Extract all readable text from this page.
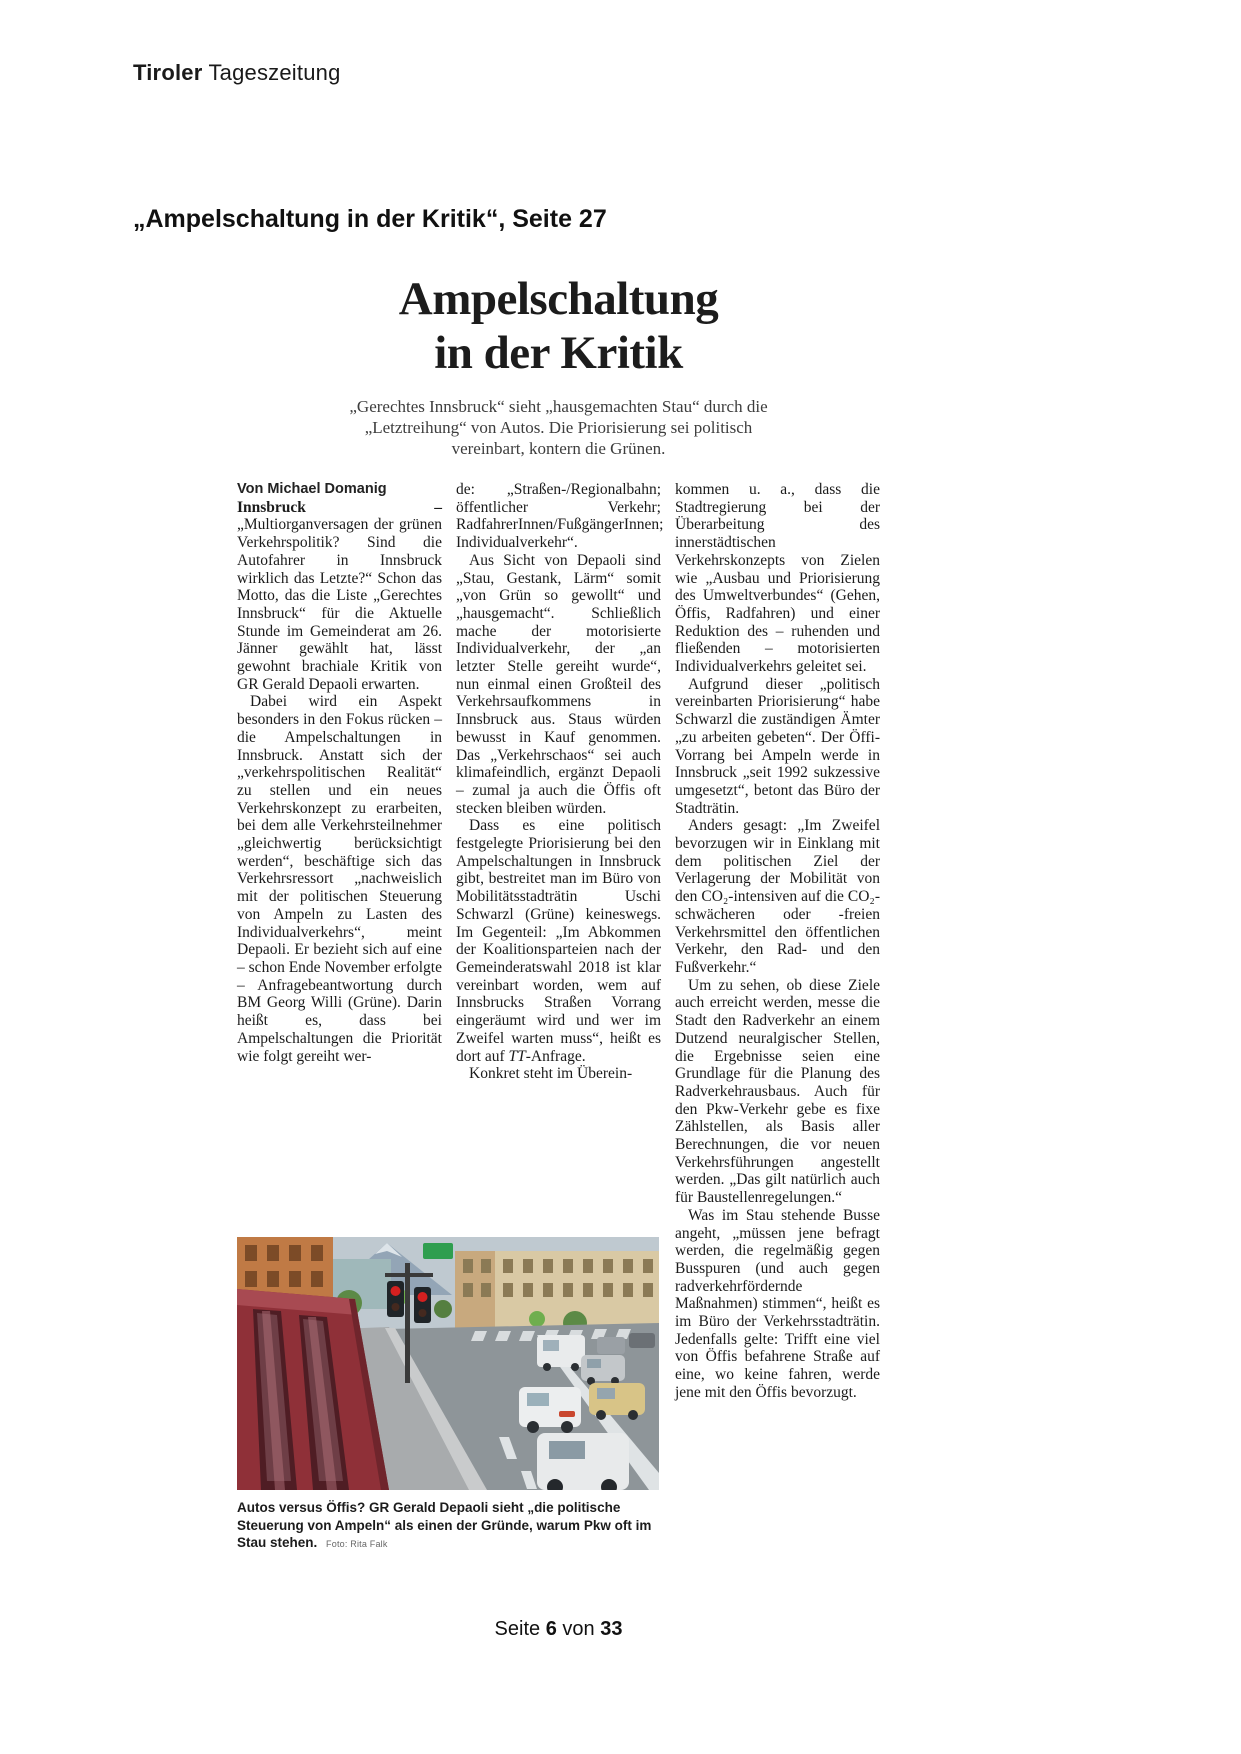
Tiroler Tageszeitung
„Ampelschaltung in der Kritik“, Seite 27
Ampelschaltung
in der Kritik
„Gerechtes Innsbruck“ sieht „hausgemachten Stau“ durch die „Letztreihung“ von Autos. Die Priorisierung sei politisch vereinbart, kontern die Grünen.

Von Michael Domanig

Innsbruck – „Multiorganversagen der grünen Verkehrspolitik? Sind die Autofahrer in Innsbruck wirklich das Letzte?“ Schon das Motto, das die Liste „Gerechtes Innsbruck“ für die Aktuelle Stunde im Gemeinderat am 26. Jänner gewählt hat, lässt gewohnt brachiale Kritik von GR Gerald Depaoli erwarten.

Dabei wird ein Aspekt besonders in den Fokus rücken – die Ampelschaltungen in Innsbruck. Anstatt sich der „verkehrspolitischen Realität“ zu stellen und ein neues Verkehrskonzept zu erarbeiten, bei dem alle Verkehrsteilnehmer „gleichwertig berücksichtigt werden“, beschäftige sich das Verkehrsressort „nachweislich mit der politischen Steuerung von Ampeln zu Lasten des Individualverkehrs“, meint Depaoli. Er bezieht sich auf eine – schon Ende November erfolgte – Anfragebeantwortung durch BM Georg Willi (Grüne). Darin heißt es, dass bei Ampelschaltungen die Priorität wie folgt gereiht wer-

de: „Straßen-/Regionalbahn; öffentlicher Verkehr; RadfahrerInnen/FußgängerInnen; Individualverkehr“.

Aus Sicht von Depaoli sind „Stau, Gestank, Lärm“ somit „von Grün so gewollt“ und „hausgemacht“. Schließlich mache der motorisierte Individualverkehr, der „an letzter Stelle gereiht wurde“, nun einmal einen Großteil des Verkehrsaufkommens in Innsbruck aus. Staus würden bewusst in Kauf genommen. Das „Verkehrschaos“ sei auch klimafeindlich, ergänzt Depaoli – zumal ja auch die Öffis oft stecken bleiben würden.

Dass es eine politisch festgelegte Priorisierung bei den Ampelschaltungen in Innsbruck gibt, bestreitet man im Büro von Mobilitätsstadträtin Uschi Schwarzl (Grüne) keineswegs. Im Gegenteil: „Im Abkommen der Koalitionsparteien nach der Gemeinderatswahl 2018 ist klar vereinbart worden, wem auf Innsbrucks Straßen Vorrang eingeräumt wird und wer im Zweifel warten muss“, heißt es dort auf TT-Anfrage.

Konkret steht im Überein-

kommen u. a., dass die Stadtregierung bei der Überarbeitung des innerstädtischen Verkehrskonzepts von Zielen wie „Ausbau und Priorisierung des Umweltverbundes“ (Gehen, Öffis, Radfahren) und einer Reduktion des – ruhenden und fließenden – motorisierten Individualverkehrs geleitet sei.

Aufgrund dieser „politisch vereinbarten Priorisierung“ habe Schwarzl die zuständigen Ämter „zu arbeiten gebeten“. Der Öffi-Vorrang bei Ampeln werde in Innsbruck „seit 1992 sukzessive umgesetzt“, betont das Büro der Stadträtin.

Anders gesagt: „Im Zweifel bevorzugen wir in Einklang mit dem politischen Ziel der Verlagerung der Mobilität von den CO₂-intensiven auf die CO₂-schwächeren oder -freien Verkehrsmittel den öffentlichen Verkehr, den Rad- und den Fußverkehr.“

Um zu sehen, ob diese Ziele auch erreicht werden, messe die Stadt den Radverkehr an einem Dutzend neuralgischer Stellen, die Ergebnisse seien eine Grundlage für die Planung des Radverkehrausbaus. Auch für den Pkw-Verkehr gebe es fixe Zählstellen, als Basis aller Berechnungen, die vor neuen Verkehrsführungen angestellt werden. „Das gilt natürlich auch für Baustellenregelungen.“

Was im Stau stehende Busse angeht, „müssen jene befragt werden, die regelmäßig gegen Busspuren (und auch gegen radverkehrfördernde Maßnahmen) stimmen“, heißt es im Büro der Verkehrsstadträtin. Jedenfalls gelte: Trifft eine viel von Öffis befahrene Straße auf eine, wo keine fahren, werde jene mit den Öffis bevorzugt.

Autos versus Öffis? GR Gerald Depaoli sieht „die politische Steuerung von Ampeln“ als einen der Gründe, warum Pkw oft im Stau stehen. Foto: Rita Falk
Seite 6 von 33
